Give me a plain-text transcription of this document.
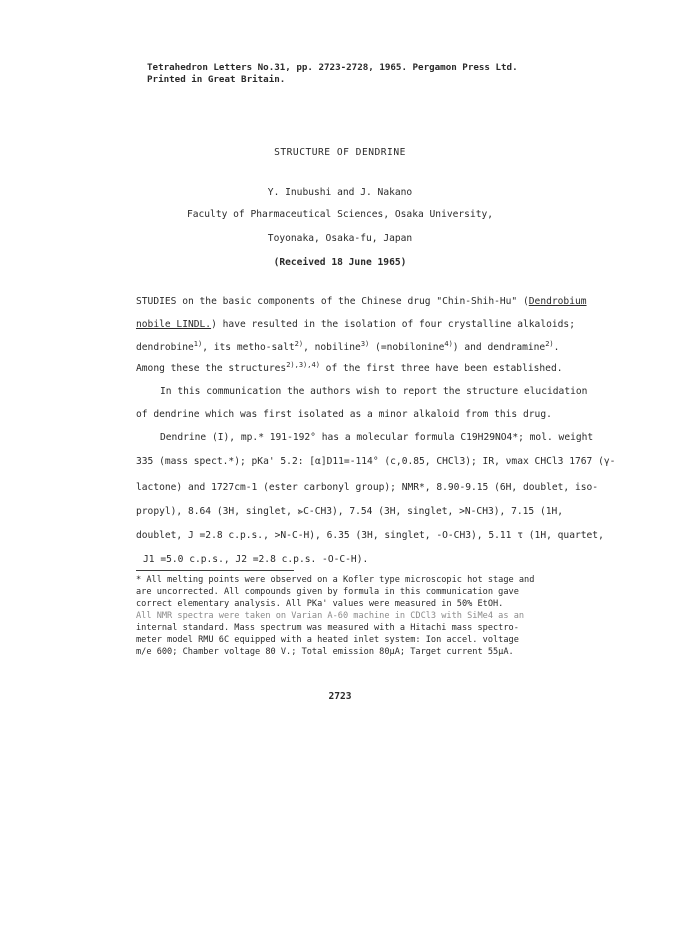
Tetrahedron Letters No.31, pp. 2723-2728, 1965. Pergamon Press Ltd.
Printed in Great Britain.
STRUCTURE OF DENDRINE
Y. Inubushi and J. Nakano
Faculty of Pharmaceutical Sciences, Osaka University,
Toyonaka, Osaka-fu, Japan
(Received 18 June 1965)
STUDIES on the basic components of the Chinese drug "Chin-Shih-Hu" (Dendrobium
nobile LINDL.) have resulted in the isolation of four crystalline alkaloids;
dendrobine$^{1)}$, its metho-salt$^{2)}$, nobiline$^{3)}$ (=nobilonine$^{4)}$) and dendramine$^{2)}$.
Among these the structures$^{2),3),4)}$ of the first three have been established.
In this communication the authors wish to report the structure elucidation
of dendrine which was first isolated as a minor alkaloid from this drug.
Dendrine (I), mp.* 191-192° has a molecular formula C19H29NO4*; mol. weight
335 (mass spect.*); pKa' 5.2: [α]D11=-114° (c,0.85, CHCl3); IR, νmax CHCl3 1767 (γ-
lactone) and 1727cm-1 (ester carbonyl group); NMR*, 8.90-9.15 (6H, doublet, iso-
propyl), 8.64 (3H, singlet, ⪢C-CH3), 7.54 (3H, singlet, >N-CH3), 7.15 (1H,
doublet, J =2.8 c.p.s., >N-C-H), 6.35 (3H, singlet, -O-CH3), 5.11 τ (1H, quartet,
J1 =5.0 c.p.s., J2 =2.8 c.p.s. -O-C-H).
* All melting points were observed on a Kofler type microscopic hot stage and
are uncorrected. All compounds given by formula in this communication gave
correct elementary analysis. All PKa' values were measured in 50% EtOH.
All NMR spectra were taken on Varian A-60 machine in CDCl3 with SiMe4 as an
internal standard. Mass spectrum was measured with a Hitachi mass spectro-
meter model RMU 6C equipped with a heated inlet system: Ion accel. voltage
m/e 600; Chamber voltage 80 V.; Total emission 80μA; Target current 55μA.
2723
